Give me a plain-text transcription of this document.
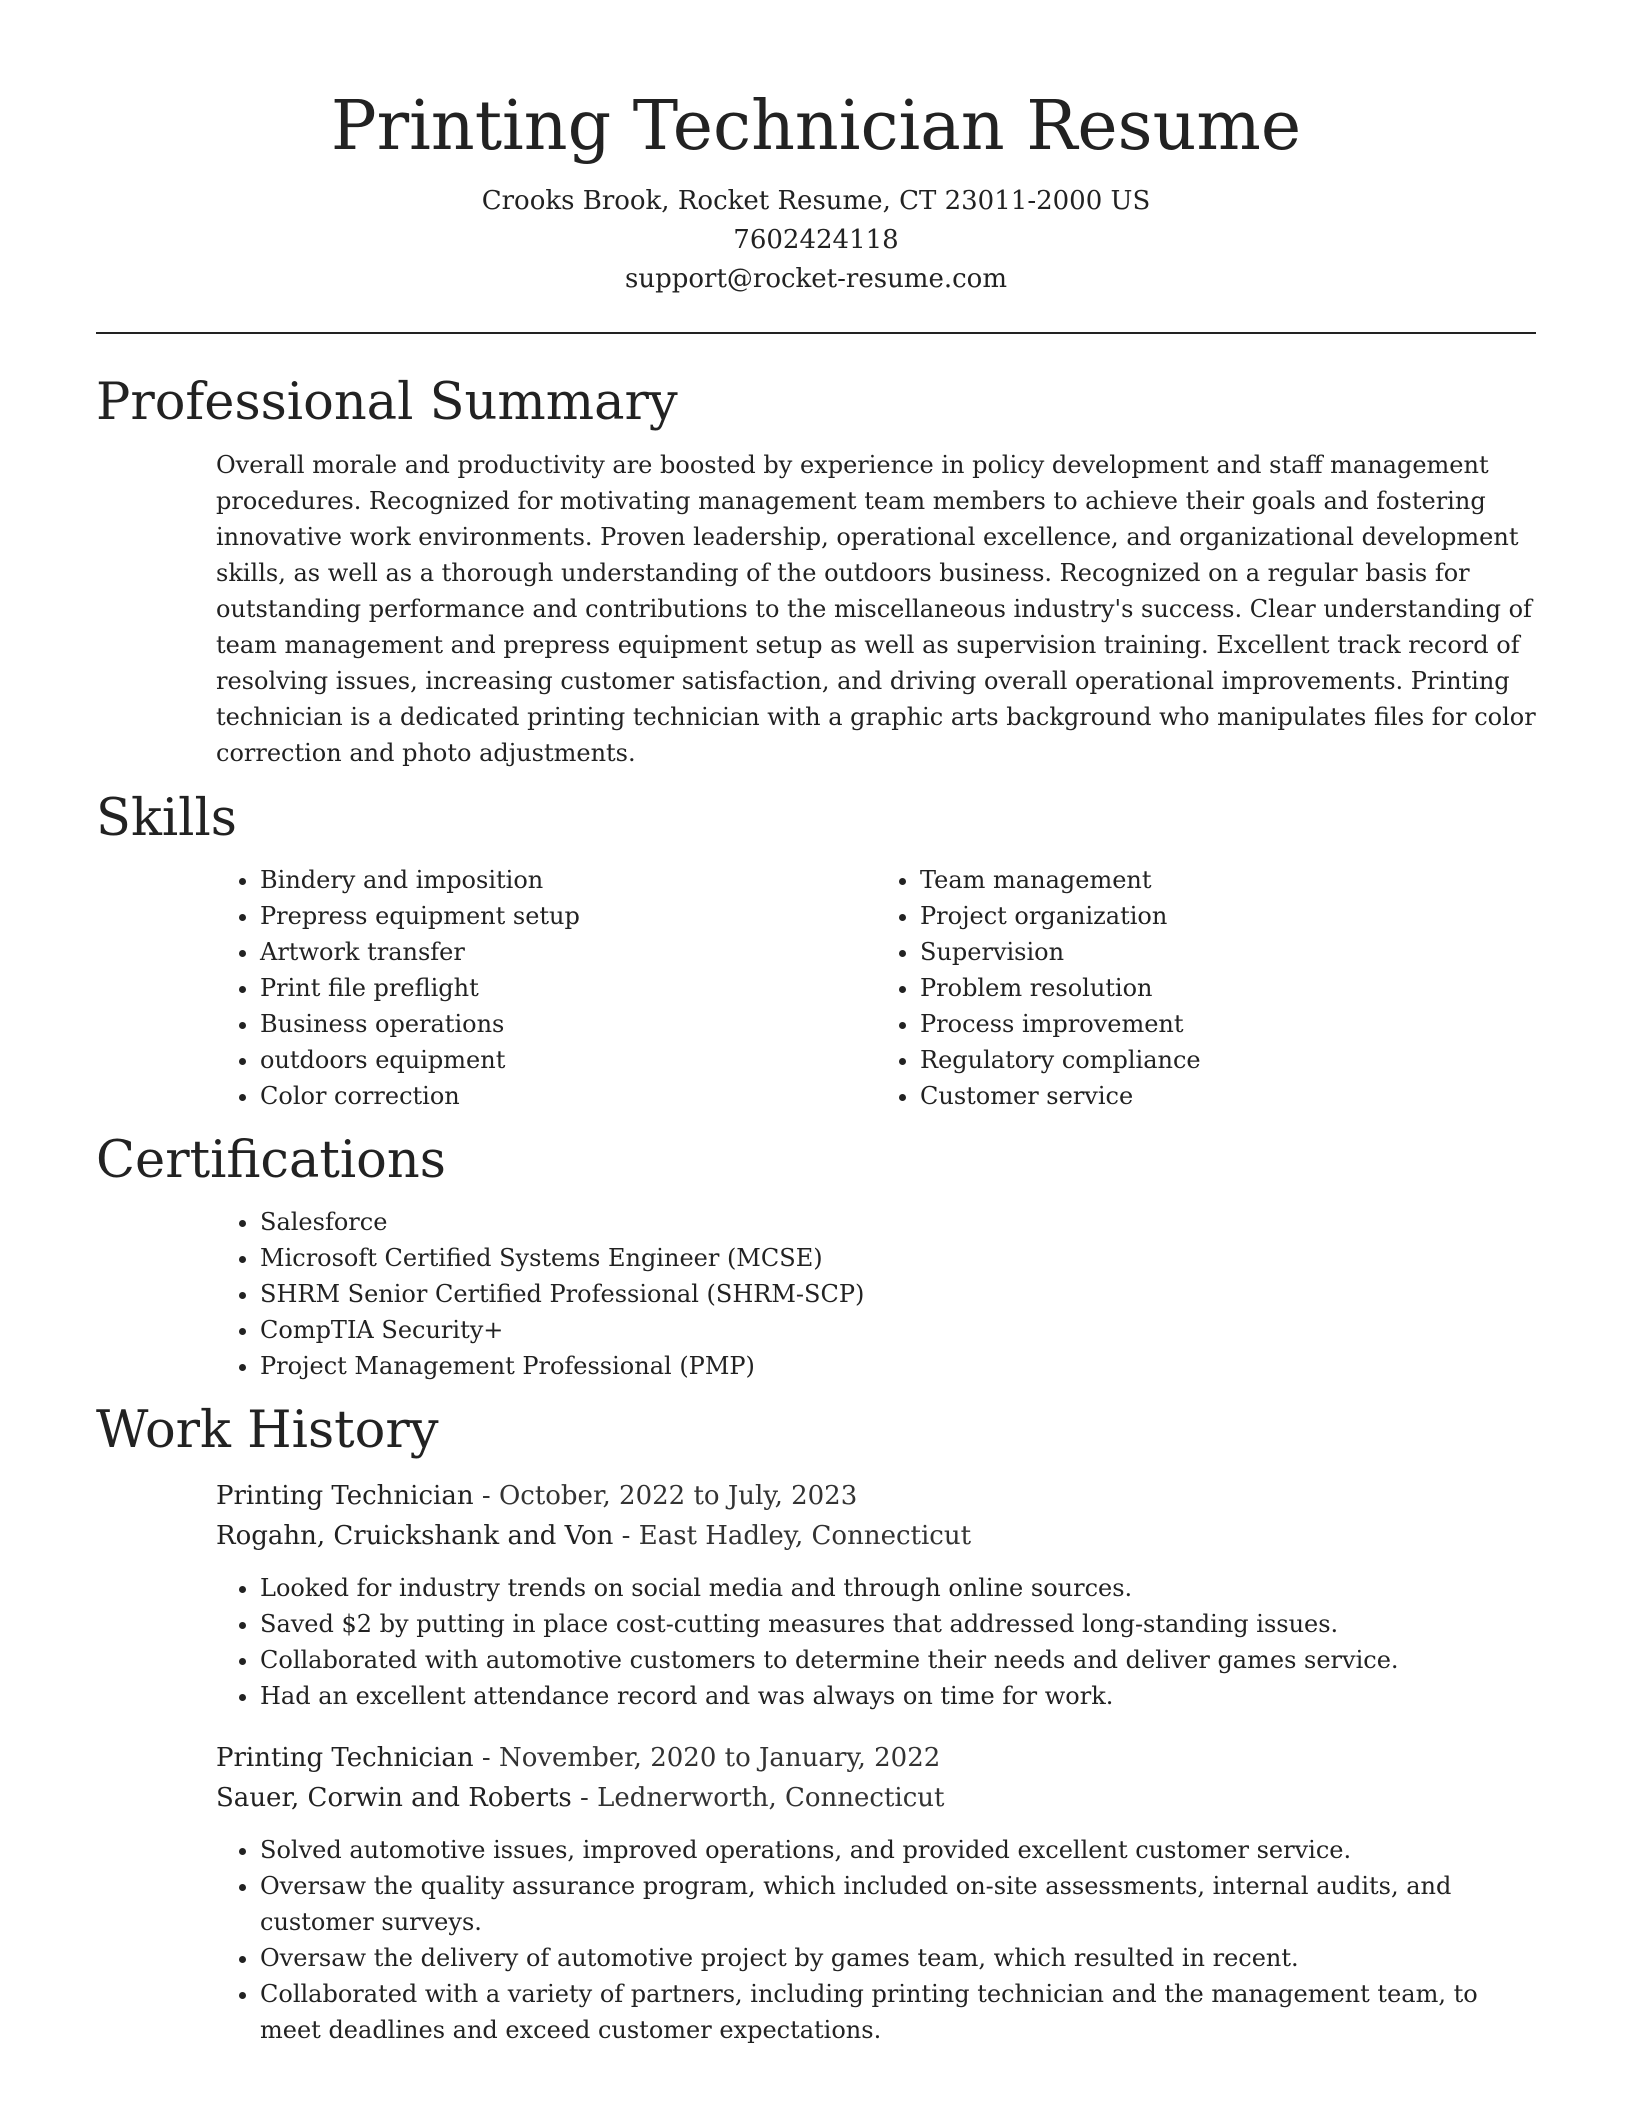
Printing Technician Resume
Crooks Brook, Rocket Resume, CT 23011-2000 US
7602424118
support@rocket-resume.com
Professional Summary

Overall morale and productivity are boosted by experience in policy development and staff management procedures. Recognized for motivating management team members to achieve their goals and fostering innovative work environments. Proven leadership, operational excellence, and organizational development skills, as well as a thorough understanding of the outdoors business. Recognized on a regular basis for outstanding performance and contributions to the miscellaneous industry's success. Clear understanding of team management and prepress equipment setup as well as supervision training. Excellent track record of resolving issues, increasing customer satisfaction, and driving overall operational improvements. Printing technician is a dedicated printing technician with a graphic arts background who manipulates files for color correction and photo adjustments.

Skills
• Bindery and imposition
• Prepress equipment setup
• Artwork transfer
• Print file preflight
• Business operations
• outdoors equipment
• Color correction
• Team management
• Project organization
• Supervision
• Problem resolution
• Process improvement
• Regulatory compliance
• Customer service
Certifications
• Salesforce
• Microsoft Certified Systems Engineer (MCSE)
• SHRM Senior Certified Professional (SHRM-SCP)
• CompTIA Security+
• Project Management Professional (PMP)
Work History
Printing Technician - October, 2022 to July, 2023
Rogahn, Cruickshank and Von - East Hadley, Connecticut
• Looked for industry trends on social media and through online sources.
• Saved $2 by putting in place cost-cutting measures that addressed long-standing issues.
• Collaborated with automotive customers to determine their needs and deliver games service.
• Had an excellent attendance record and was always on time for work.
Printing Technician - November, 2020 to January, 2022
Sauer, Corwin and Roberts - Lednerworth, Connecticut
• Solved automotive issues, improved operations, and provided excellent customer service.
• Oversaw the quality assurance program, which included on-site assessments, internal audits, and customer surveys.
• Oversaw the delivery of automotive project by games team, which resulted in recent.
• Collaborated with a variety of partners, including printing technician and the management team, to meet deadlines and exceed customer expectations.
